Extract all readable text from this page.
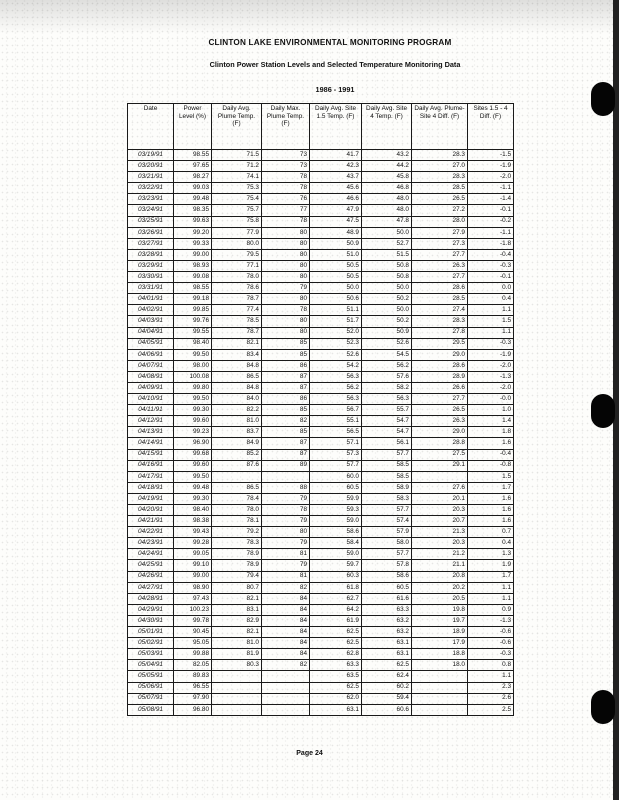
CLINTON LAKE ENVIRONMENTAL MONITORING PROGRAM
Clinton Power Station Levels and Selected Temperature Monitoring Data
1986 - 1991
Date	Power Level (%)	Daily Avg. Plume Temp. (F)	Daily Max. Plume Temp. (F)	Daily Avg. Site 1.5 Temp. (F)	Daily Avg. Site 4 Temp. (F)	Daily Avg. Plume-Site 4 Diff. (F)	Sites 1.5 - 4 Diff. (F)
03/19/91	98.55	71.5	73	41.7	43.2	28.3	-1.5
03/20/91	97.65	71.2	73	42.3	44.2	27.0	-1.9
03/21/91	98.27	74.1	78	43.7	45.8	28.3	-2.0
03/22/91	99.03	75.3	78	45.6	46.8	28.5	-1.1
03/23/91	99.48	75.4	76	46.6	48.0	26.5	-1.4
03/24/91	98.35	75.7	77	47.9	48.0	27.2	-0.1
03/25/91	99.63	75.8	78	47.5	47.8	28.0	-0.2
03/26/91	99.20	77.9	80	48.9	50.0	27.9	-1.1
03/27/91	99.33	80.0	80	50.9	52.7	27.3	-1.8
03/28/91	99.00	79.5	80	51.0	51.5	27.7	-0.4
03/29/91	98.93	77.1	80	50.5	50.8	26.3	-0.3
03/30/91	99.08	78.0	80	50.5	50.8	27.7	-0.1
03/31/91	98.55	78.6	79	50.0	50.0	28.6	0.0
04/01/91	99.18	78.7	80	50.6	50.2	28.5	0.4
04/02/91	99.85	77.4	78	51.1	50.0	27.4	1.1
04/03/91	99.76	78.5	80	51.7	50.2	28.3	1.5
04/04/91	99.55	78.7	80	52.0	50.9	27.8	1.1
04/05/91	98.40	82.1	85	52.3	52.6	29.5	-0.3
04/06/91	99.50	83.4	85	52.6	54.5	29.0	-1.9
04/07/91	98.00	84.8	86	54.2	56.2	28.6	-2.0
04/08/91	100.08	86.5	87	56.3	57.6	28.9	-1.3
04/09/91	99.80	84.8	87	56.2	58.2	26.6	-2.0
04/10/91	99.50	84.0	86	56.3	56.3	27.7	-0.0
04/11/91	99.30	82.2	85	56.7	55.7	26.5	1.0
04/12/91	99.60	81.0	82	55.1	54.7	26.3	1.4
04/13/91	99.23	83.7	85	56.5	54.7	29.0	1.8
04/14/91	96.90	84.9	87	57.1	56.1	28.8	1.6
04/15/91	99.68	85.2	87	57.3	57.7	27.5	-0.4
04/16/91	99.60	87.6	89	57.7	58.5	29.1	-0.8
04/17/91	99.50			60.0	58.5		1.5
04/18/91	99.48	86.5	88	60.5	58.9	27.6	1.7
04/19/91	99.30	78.4	79	59.9	58.3	20.1	1.6
04/20/91	98.40	78.0	78	59.3	57.7	20.3	1.6
04/21/91	98.38	78.1	79	59.0	57.4	20.7	1.6
04/22/91	99.43	79.2	80	58.6	57.9	21.3	0.7
04/23/91	99.28	78.3	79	58.4	58.0	20.3	0.4
04/24/91	99.05	78.9	81	59.0	57.7	21.2	1.3
04/25/91	99.10	78.9	79	59.7	57.8	21.1	1.9
04/26/91	99.00	79.4	81	60.3	58.6	20.8	1.7
04/27/91	98.90	80.7	82	61.8	60.5	20.2	1.1
04/28/91	97.43	82.1	84	62.7	61.6	20.5	1.1
04/29/91	100.23	83.1	84	64.2	63.3	19.8	0.9
04/30/91	99.78	82.9	84	61.9	63.2	19.7	-1.3
05/01/91	90.45	82.1	84	62.5	63.2	18.9	-0.6
05/02/91	95.05	81.0	84	62.5	63.1	17.9	-0.6
05/03/91	99.88	81.9	84	62.8	63.1	18.8	-0.3
05/04/91	82.05	80.3	82	63.3	62.5	18.0	0.8
05/05/91	89.83			63.5	62.4		1.1
05/06/91	96.55			62.5	60.2		2.3
05/07/91	97.90			62.0	59.4		2.6
05/08/91	96.80			63.1	60.6		2.5
Page 24
